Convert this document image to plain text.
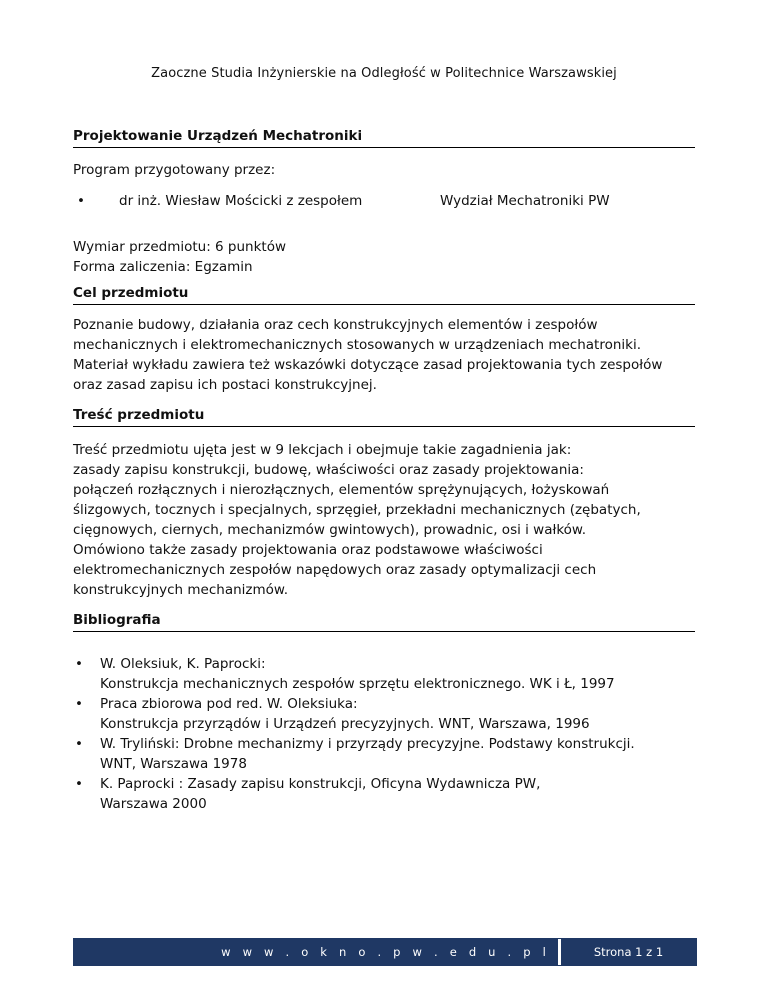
Zaoczne Studia Inżynierskie na Odległość w Politechnice Warszawskiej
Projektowanie Urządzeń Mechatroniki

Program przygotowany przez:

•	dr inż. Wiesław Mościcki z zespołem	Wydział Mechatroniki PW

Wymiar przedmiotu: 6 punktów

Forma zaliczenia: Egzamin

Cel przedmiotu
Poznanie budowy, działania oraz cech konstrukcyjnych elementów i zespołów
mechanicznych i elektromechanicznych stosowanych w urządzeniach mechatroniki.
Materiał wykładu zawiera też wskazówki dotyczące zasad projektowania tych zespołów
oraz zasad zapisu ich postaci konstrukcyjnej.
Treść przedmiotu
Treść przedmiotu ujęta jest w 9 lekcjach i obejmuje takie zagadnienia jak:
zasady zapisu konstrukcji, budowę, właściwości oraz zasady projektowania:
połączeń rozłącznych i nierozłącznych, elementów sprężynujących, łożyskowań
ślizgowych, tocznych i specjalnych, sprzęgieł, przekładni mechanicznych (zębatych,
cięgnowych, ciernych, mechanizmów gwintowych), prowadnic, osi i wałków.
Omówiono także zasady projektowania oraz podstawowe właściwości
elektromechanicznych zespołów napędowych oraz zasady optymalizacji cech
konstrukcyjnych mechanizmów.
Bibliografia
• W. Oleksiuk, K. Paprocki:
Konstrukcja mechanicznych zespołów sprzętu elektronicznego. WK i Ł, 1997
• Praca zbiorowa pod red. W. Oleksiuka:
Konstrukcja przyrządów i Urządzeń precyzyjnych. WNT, Warszawa, 1996
• W. Tryliński: Drobne mechanizmy i przyrządy precyzyjne. Podstawy konstrukcji.
WNT, Warszawa 1978
• K. Paprocki : Zasady zapisu konstrukcji, Oficyna Wydawnicza PW,
Warszawa 2000
w w w . o k n o . p w . e d u . p l	Strona 1 z 1
